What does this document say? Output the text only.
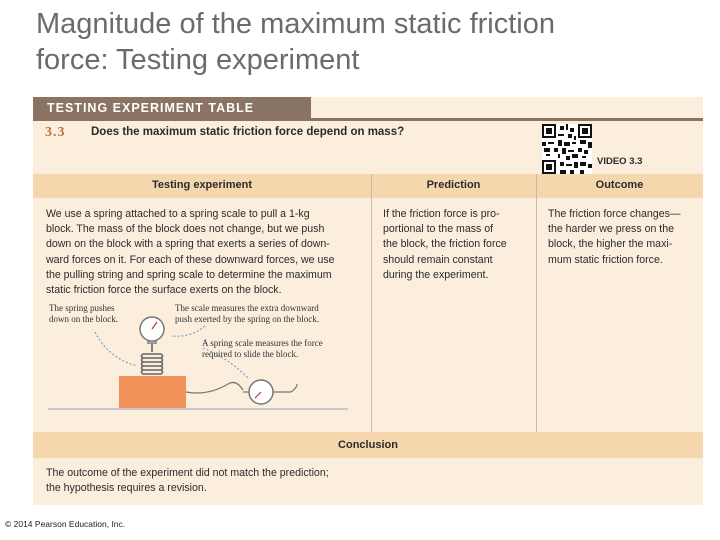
Magnitude of the maximum static friction
force: Testing experiment
TESTING EXPERIMENT TABLE
3.3 Does the maximum static friction force depend on mass?
VIDEO 3.3
Testing experiment	Prediction	Outcome
We use a spring attached to a spring scale to pull a 1-kg
block. The mass of the block does not change, but we push
down on the block with a spring that exerts a series of down-
ward forces on it. For each of these downward forces, we use
the pulling string and spring scale to determine the maximum
static friction force the surface exerts on the block.
If the friction force is pro-
portional to the mass of
the block, the friction force
should remain constant
during the experiment.
The friction force changes—
the harder we press on the
block, the higher the maxi-
mum static friction force.
The spring pushes
down on the block.
The scale measures the extra downward
push exerted by the spring on the block.
A spring scale measures the force
required to slide the block.
Conclusion
The outcome of the experiment did not match the prediction;
the hypothesis requires a revision.
© 2014 Pearson Education, Inc.
